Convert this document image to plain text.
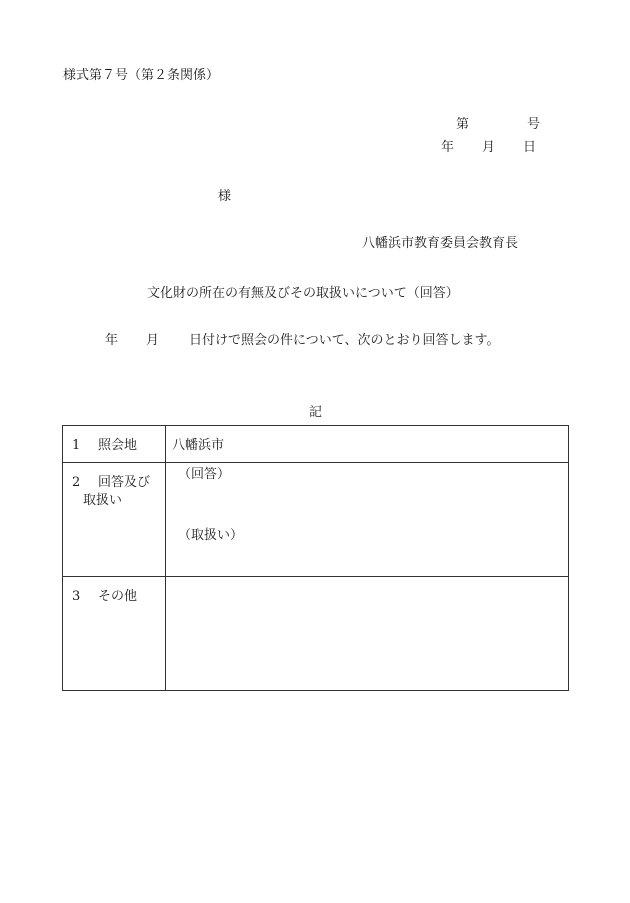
様式第７号（第２条関係）
第	号
年 月 日
様
八幡浜市教育委員会教育長
文化財の所在の有無及びその取扱いについて（回答）
年 月 日付けで照会の件について、次のとおり回答します。
記
1 照会地	八幡浜市

2 回答及び
取扱い	（回答）
（取扱い）

3 その他	
